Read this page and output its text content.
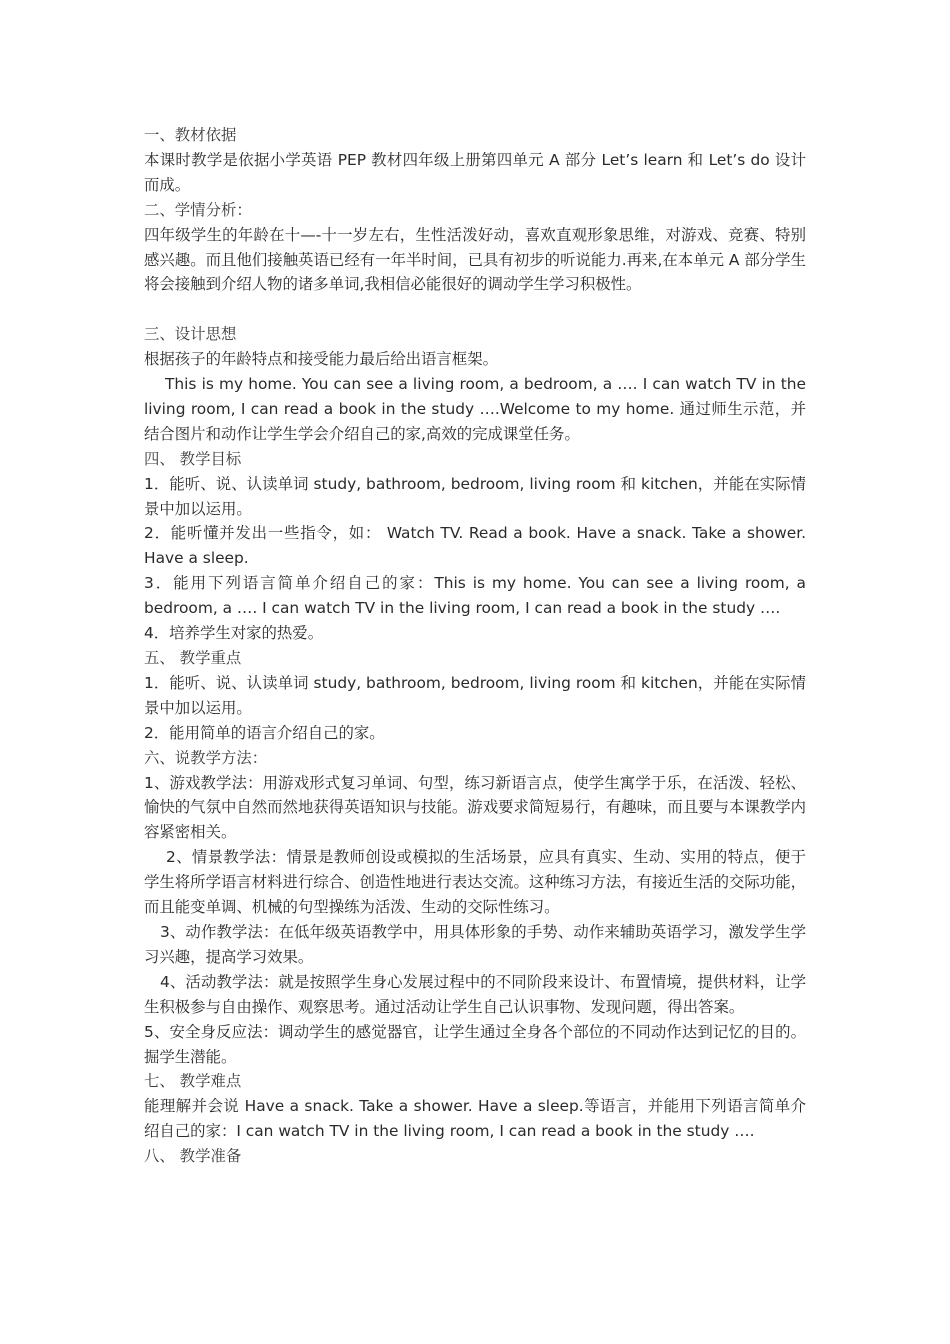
一、教材依据

本课时教学是依据小学英语 PEP 教材四年级上册第四单元 A 部分 Let’s learn 和 Let’s do 设计而成。

二、学情分析：

四年级学生的年龄在十—-十一岁左右，生性活泼好动，喜欢直观形象思维，对游戏、竞赛、特别感兴趣。而且他们接触英语已经有一年半时间，已具有初步的听说能力.再来,在本单元 A 部分学生将会接触到介绍人物的诸多单词,我相信必能很好的调动学生学习积极性。

三、设计思想

根据孩子的年龄特点和接受能力最后给出语言框架。

This is my home. You can see a living room, a bedroom, a …. I can watch TV in the living room, I can read a book in the study ….Welcome to my home. 通过师生示范，并结合图片和动作让学生学会介绍自己的家,高效的完成课堂任务。

四、 教学目标

1．能听、说、认读单词 study, bathroom, bedroom, living room 和 kitchen，并能在实际情景中加以运用。

2．能听懂并发出一些指令，如： Watch TV. Read a book. Have a snack. Take a shower. Have a sleep.

3．能用下列语言简单介绍自己的家：This is my home. You can see a living room, a bedroom, a …. I can watch TV in the living room, I can read a book in the study ….

4．培养学生对家的热爱。

五、 教学重点

1．能听、说、认读单词 study, bathroom, bedroom, living room 和 kitchen，并能在实际情景中加以运用。

2．能用简单的语言介绍自己的家。

六、说教学方法：

1、游戏教学法：用游戏形式复习单词、句型，练习新语言点，使学生寓学于乐，在活泼、轻松、愉快的气氛中自然而然地获得英语知识与技能。游戏要求简短易行，有趣味，而且要与本课教学内容紧密相关。

2、情景教学法：情景是教师创设或模拟的生活场景，应具有真实、生动、实用的特点，便于学生将所学语言材料进行综合、创造性地进行表达交流。这种练习方法，有接近生活的交际功能，而且能变单调、机械的句型操练为活泼、生动的交际性练习。

3、动作教学法：在低年级英语教学中，用具体形象的手势、动作来辅助英语学习，激发学生学习兴趣，提高学习效果。

4、活动教学法：就是按照学生身心发展过程中的不同阶段来设计、布置情境，提供材料，让学生积极参与自由操作、观察思考。通过活动让学生自己认识事物、发现问题，得出答案。

5、安全身反应法：调动学生的感觉器官，让学生通过全身各个部位的不同动作达到记忆的目的。掘学生潜能。

七、 教学难点

能理解并会说 Have a snack. Take a shower. Have a sleep.等语言，并能用下列语言简单介绍自己的家：I can watch TV in the living room, I can read a book in the study ….

八、 教学准备
